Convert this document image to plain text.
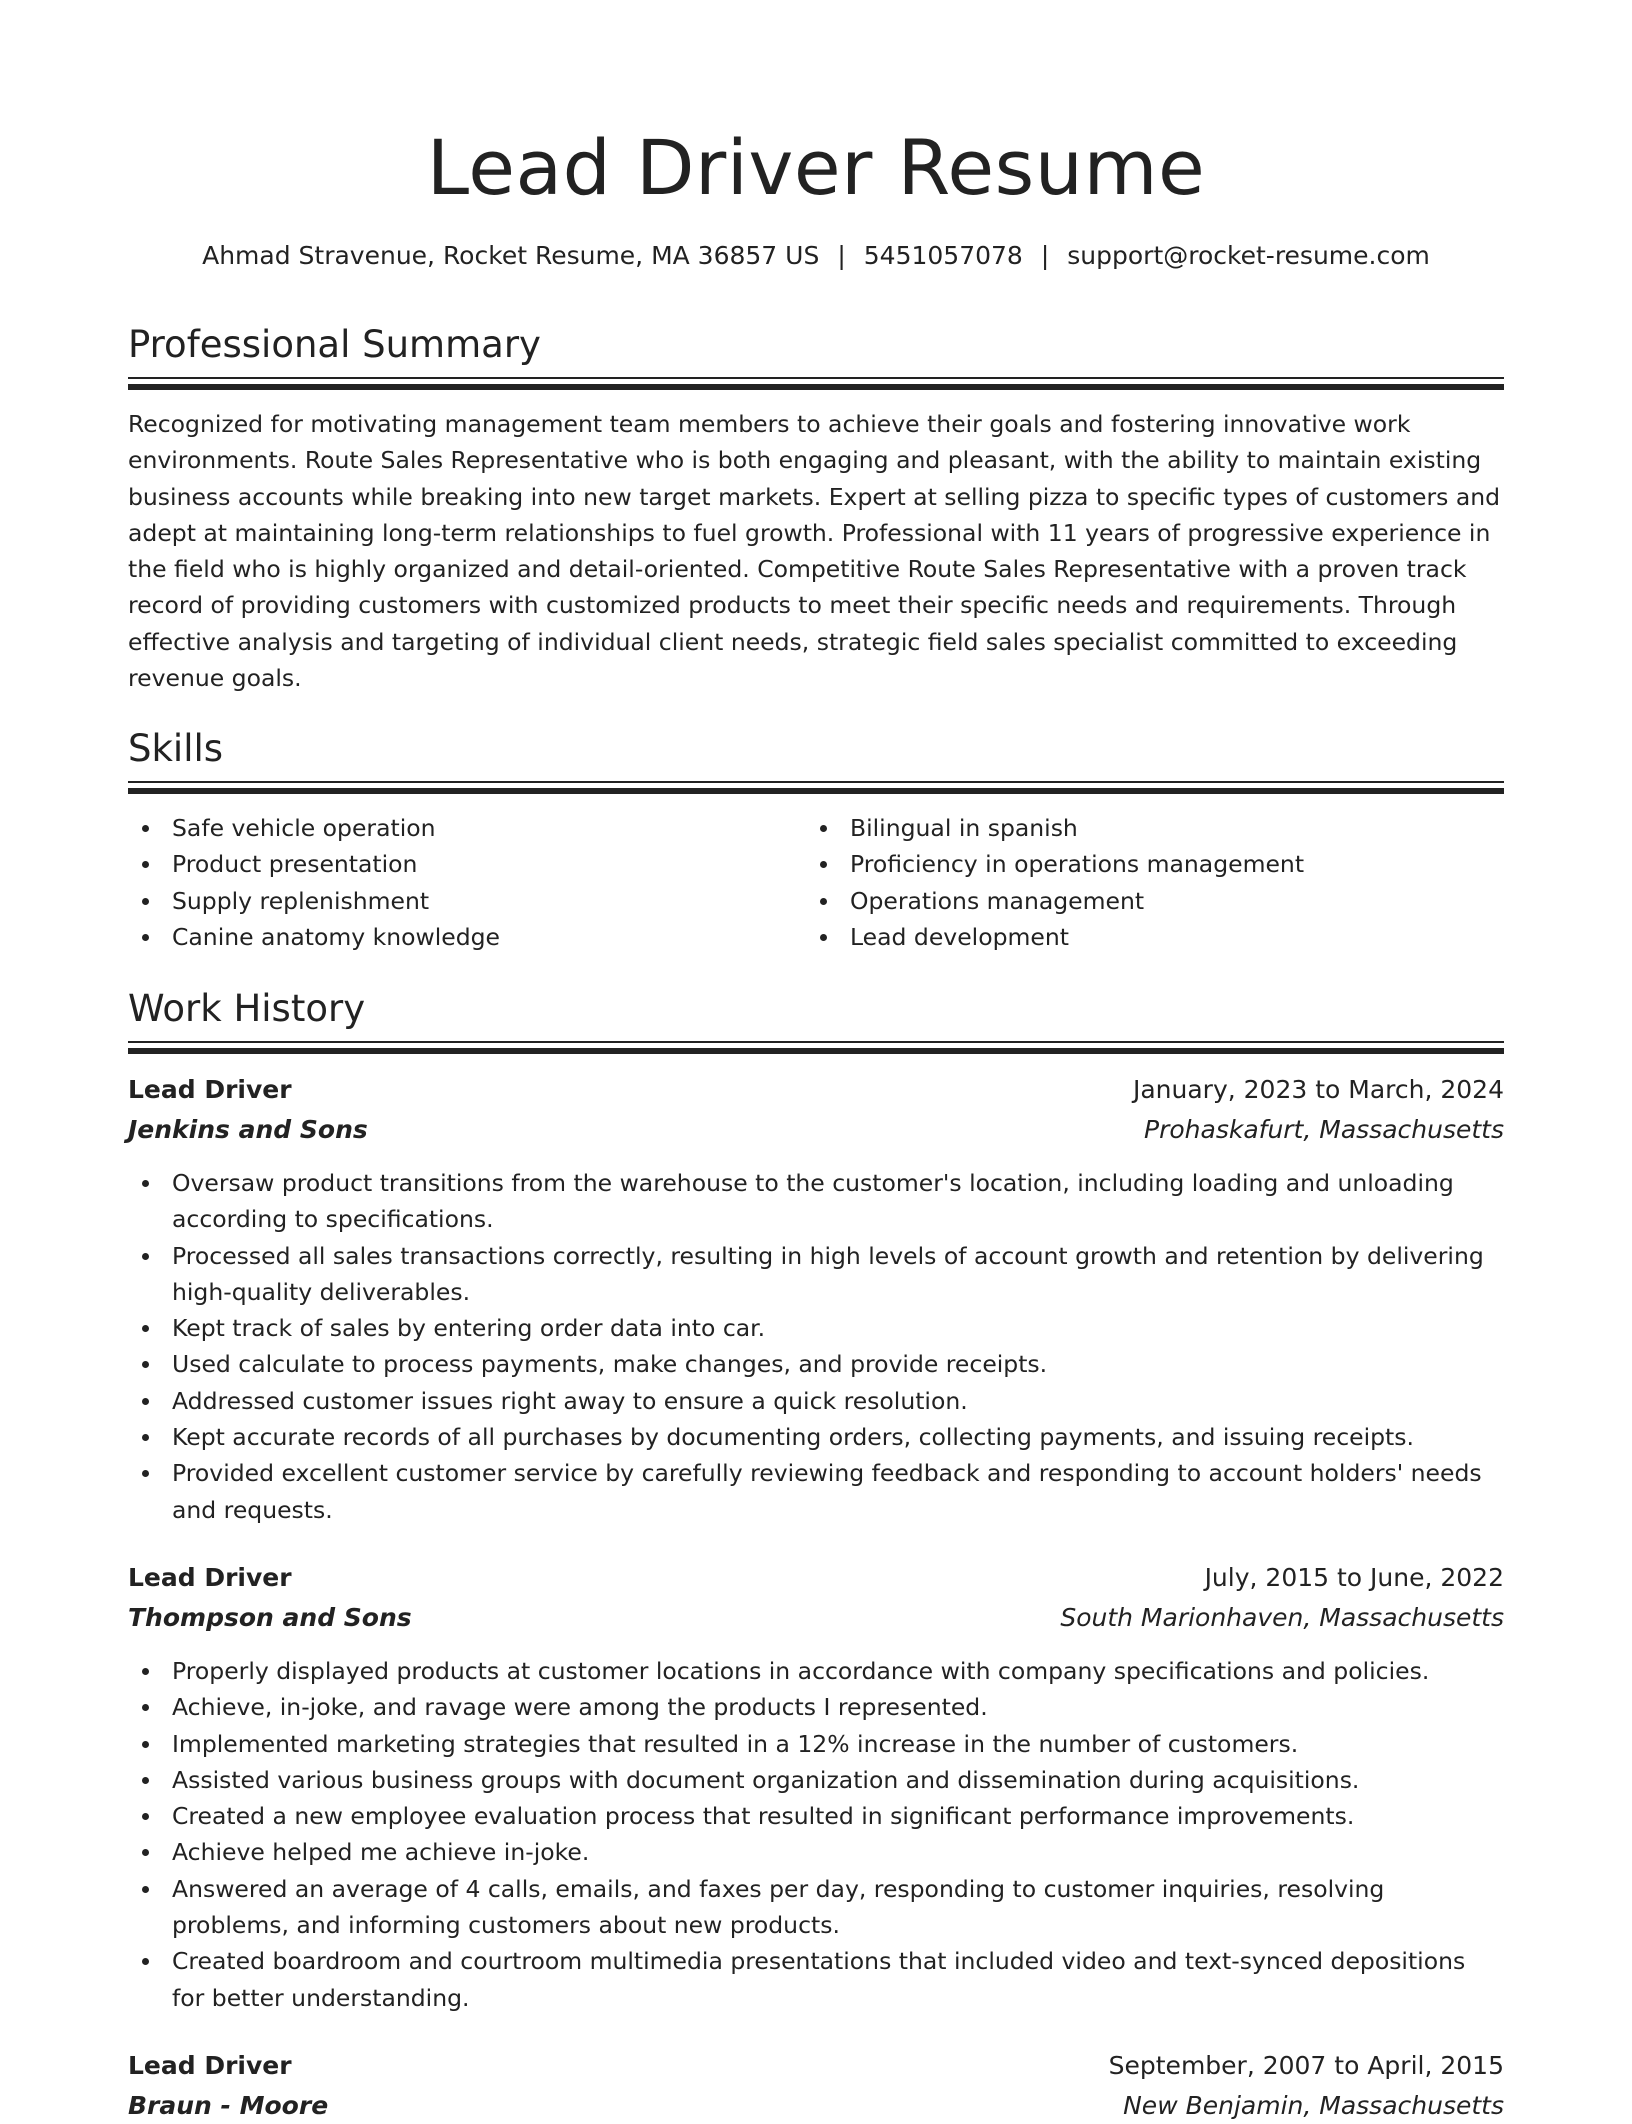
Lead Driver Resume
Ahmad Stravenue, Rocket Resume, MA 36857 US | 5451057078 | support@rocket-resume.com
Professional Summary

Recognized for motivating management team members to achieve their goals and fostering innovative work environments. Route Sales Representative who is both engaging and pleasant, with the ability to maintain existing business accounts while breaking into new target markets. Expert at selling pizza to specific types of customers and adept at maintaining long-term relationships to fuel growth. Professional with 11 years of progressive experience in the field who is highly organized and detail-oriented. Competitive Route Sales Representative with a proven track record of providing customers with customized products to meet their specific needs and requirements. Through effective analysis and targeting of individual client needs, strategic field sales specialist committed to exceeding revenue goals.

Skills
Safe vehicle operation
Product presentation
Supply replenishment
Canine anatomy knowledge
Bilingual in spanish
Proficiency in operations management
Operations management
Lead development
Work History
Lead Driver	January, 2023 to March, 2024
Jenkins and Sons	Prohaskafurt, Massachusetts
Oversaw product transitions from the warehouse to the customer's location, including loading and unloading according to specifications.
Processed all sales transactions correctly, resulting in high levels of account growth and retention by delivering high-quality deliverables.
Kept track of sales by entering order data into car.
Used calculate to process payments, make changes, and provide receipts.
Addressed customer issues right away to ensure a quick resolution.
Kept accurate records of all purchases by documenting orders, collecting payments, and issuing receipts.
Provided excellent customer service by carefully reviewing feedback and responding to account holders' needs and requests.
Lead Driver	July, 2015 to June, 2022
Thompson and Sons	South Marionhaven, Massachusetts
Properly displayed products at customer locations in accordance with company specifications and policies.
Achieve, in-joke, and ravage were among the products I represented.
Implemented marketing strategies that resulted in a 12% increase in the number of customers.
Assisted various business groups with document organization and dissemination during acquisitions.
Created a new employee evaluation process that resulted in significant performance improvements.
Achieve helped me achieve in-joke.
Answered an average of 4 calls, emails, and faxes per day, responding to customer inquiries, resolving problems, and informing customers about new products.
Created boardroom and courtroom multimedia presentations that included video and text-synced depositions for better understanding.
Lead Driver	September, 2007 to April, 2015
Braun - Moore	New Benjamin, Massachusetts
